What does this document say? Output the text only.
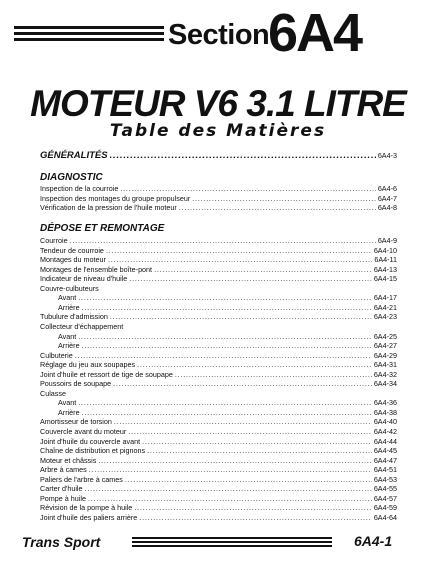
Section
6A4
MOTEUR V6 3.1 LITRE
Table des Matières
GÉNÉRALITÉS .....	6A4-3
DIAGNOSTIC
Inspection de la courroie .....	6A4-6
Inspection des montages du groupe propulseur .....	6A4-7
Vérification de la pression de l'huile moteur .....	6A4-8
DÉPOSE ET REMONTAGE
Courroie .....	6A4-9
Tendeur de courroie .....	6A4-10
Montages du moteur .....	6A4-11
Montages de l'ensemble boîte-pont .....	6A4-13
Indicateur de niveau d'huile .....	6A4-15
Couvre-culbuteurs
Avant .....	6A4-17
Arrière .....	6A4-21
Tubulure d'admission .....	6A4-23
Collecteur d'échappement
Avant .....	6A4-25
Arrière .....	6A4-27
Culbuterie .....	6A4-29
Réglage du jeu aux soupapes .....	6A4-31
Joint d'huile et ressort de tige de soupape .....	6A4-32
Poussoirs de soupape .....	6A4-34
Culasse
Avant .....	6A4-36
Arrière .....	6A4-38
Amortisseur de torsion .....	6A4-40
Couvercle avant du moteur .....	6A4-42
Joint d'huile du couvercle avant .....	6A4-44
Chaîne de distribution et pignons .....	6A4-45
Moteur et châssis .....	6A4-47
Arbre à cames .....	6A4-51
Paliers de l'arbre à cames .....	6A4-53
Carter d'huile .....	6A4-55
Pompe à huile .....	6A4-57
Révision de la pompe à huile .....	6A4-59
Joint d'huile des paliers arrière .....	6A4-64
Trans Sport	6A4-1
